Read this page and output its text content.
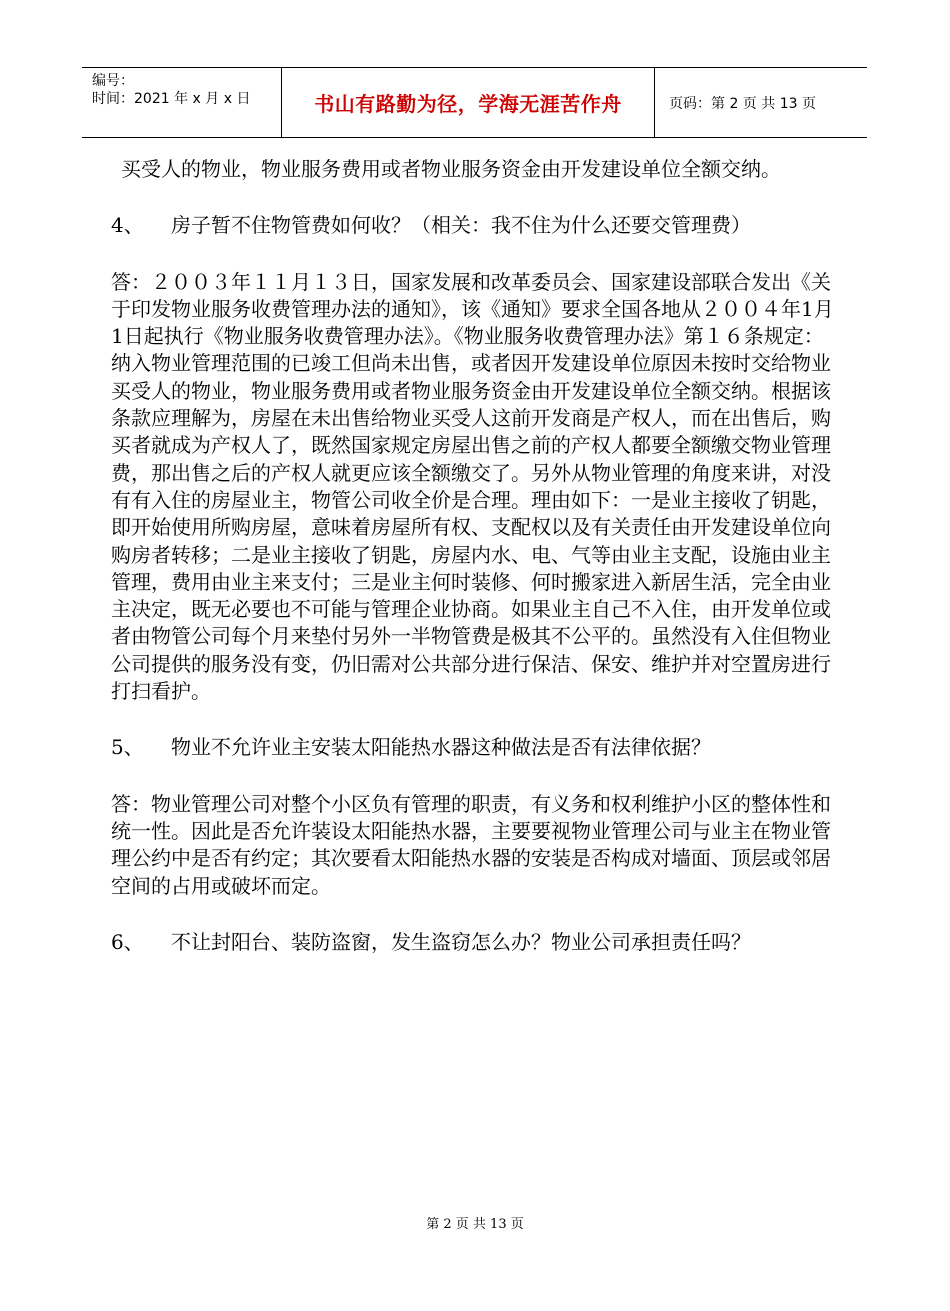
编号：
时间：2021 年 x 月 x 日	书山有路勤为径，学海无涯苦作舟	页码：第 2 页 共 13 页

买受人的物业，物业服务费用或者物业服务资金由开发建设单位全额交纳。

4、	房子暂不住物管费如何收？（相关：我不住为什么还要交管理费）

答：２００３年１１月１３日，国家发展和改革委员会、国家建设部联合发出《关于印发物业服务收费管理办法的通知》，该《通知》要求全国各地从２００４年1月1日起执行《物业服务收费管理办法》。《物业服务收费管理办法》第１６条规定：纳入物业管理范围的已竣工但尚未出售，或者因开发建设单位原因未按时交给物业买受人的物业，物业服务费用或者物业服务资金由开发建设单位全额交纳。根据该条款应理解为，房屋在未出售给物业买受人这前开发商是产权人，而在出售后，购买者就成为产权人了，既然国家规定房屋出售之前的产权人都要全额缴交物业管理费，那出售之后的产权人就更应该全额缴交了。另外从物业管理的角度来讲，对没有有入住的房屋业主，物管公司收全价是合理。理由如下：一是业主接收了钥匙，即开始使用所购房屋，意味着房屋所有权、支配权以及有关责任由开发建设单位向购房者转移；二是业主接收了钥匙，房屋内水、电、气等由业主支配，设施由业主管理，费用由业主来支付；三是业主何时装修、何时搬家进入新居生活，完全由业主决定，既无必要也不可能与管理企业协商。如果业主自己不入住，由开发单位或者由物管公司每个月来垫付另外一半物管费是极其不公平的。虽然没有入住但物业公司提供的服务没有变，仍旧需对公共部分进行保洁、保安、维护并对空置房进行打扫看护。

5、	物业不允许业主安装太阳能热水器这种做法是否有法律依据？

答：物业管理公司对整个小区负有管理的职责，有义务和权利维护小区的整体性和统一性。因此是否允许装设太阳能热水器，主要要视物业管理公司与业主在物业管理公约中是否有约定；其次要看太阳能热水器的安装是否构成对墙面、顶层或邻居空间的占用或破坏而定。

6、	不让封阳台、装防盗窗，发生盗窃怎么办？物业公司承担责任吗？
第 2 页 共 13 页
